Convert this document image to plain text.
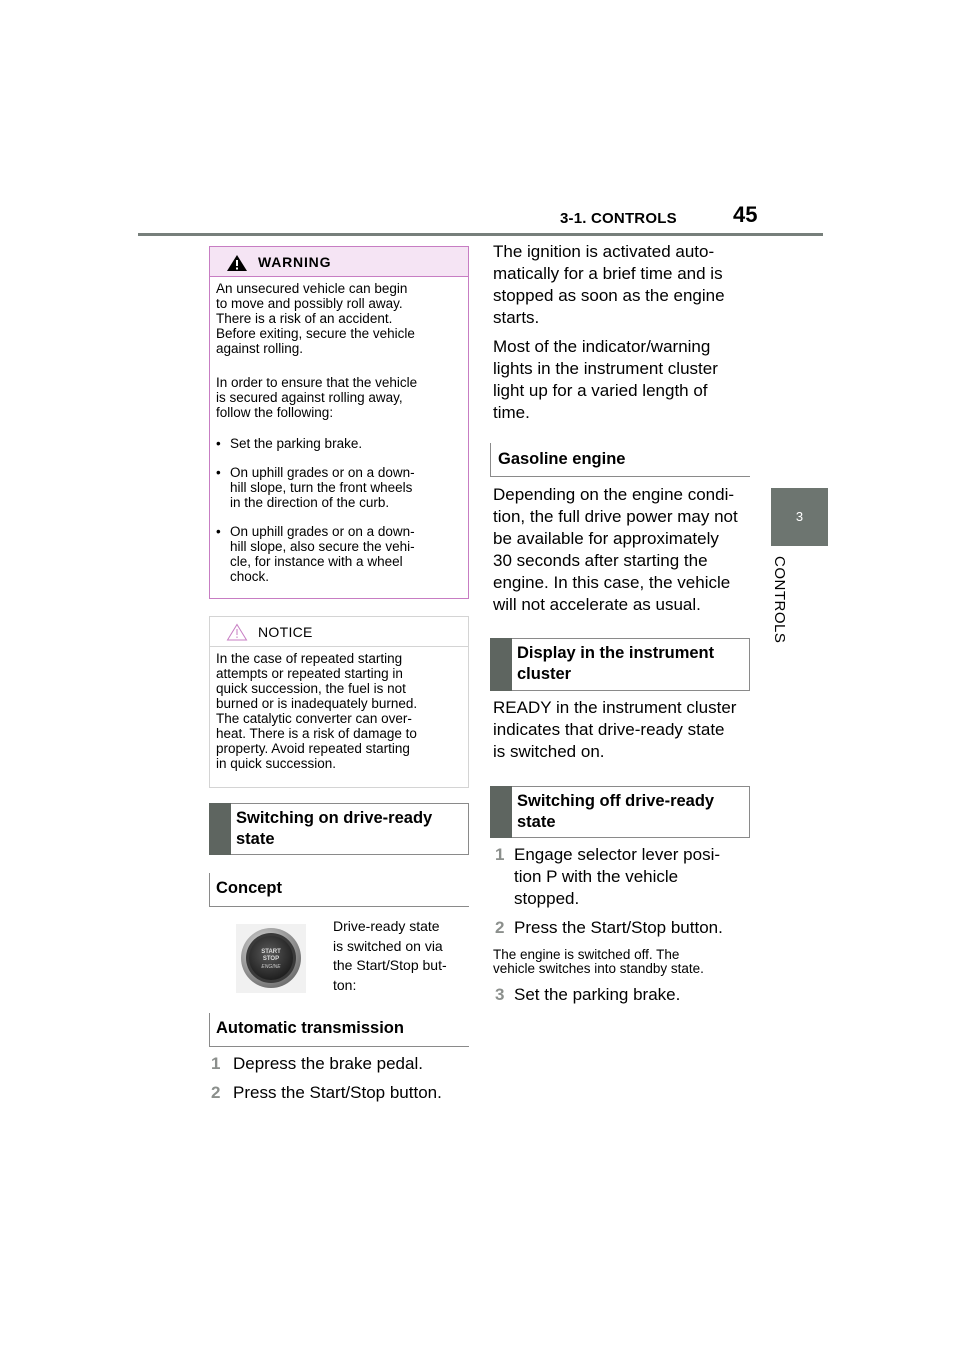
3-1. CONTROLS	45
3
CONTROLS
WARNING
An unsecured vehicle can begin
to move and possibly roll away.
There is a risk of an accident.
Before exiting, secure the vehicle
against rolling.
In order to ensure that the vehicle
is secured against rolling away,
follow the following:
• Set the parking brake.
• On uphill grades or on a down-
hill slope, turn the front wheels
in the direction of the curb.
• On uphill grades or on a down-
hill slope, also secure the vehi-
cle, for instance with a wheel
chock.
NOTICE
In the case of repeated starting
attempts or repeated starting in
quick succession, the fuel is not
burned or is inadequately burned.
The catalytic converter can over-
heat. There is a risk of damage to
property. Avoid repeated starting
in quick succession.
Switching on drive-ready
state
Concept
START
STOP
ENGINE
Drive-ready state
is switched on via
the Start/Stop but-
ton:
Automatic transmission
1 Depress the brake pedal.
2 Press the Start/Stop button.
The ignition is activated auto-
matically for a brief time and is
stopped as soon as the engine
starts.
Most of the indicator/warning
lights in the instrument cluster
light up for a varied length of
time.
Gasoline engine
Depending on the engine condi-
tion, the full drive power may not
be available for approximately
30 seconds after starting the
engine. In this case, the vehicle
will not accelerate as usual.
Display in the instrument
cluster
READY in the instrument cluster
indicates that drive-ready state
is switched on.
Switching off drive-ready
state
1 Engage selector lever posi-
tion P with the vehicle
stopped.
2 Press the Start/Stop button.
The engine is switched off. The
vehicle switches into standby state.
3 Set the parking brake.
